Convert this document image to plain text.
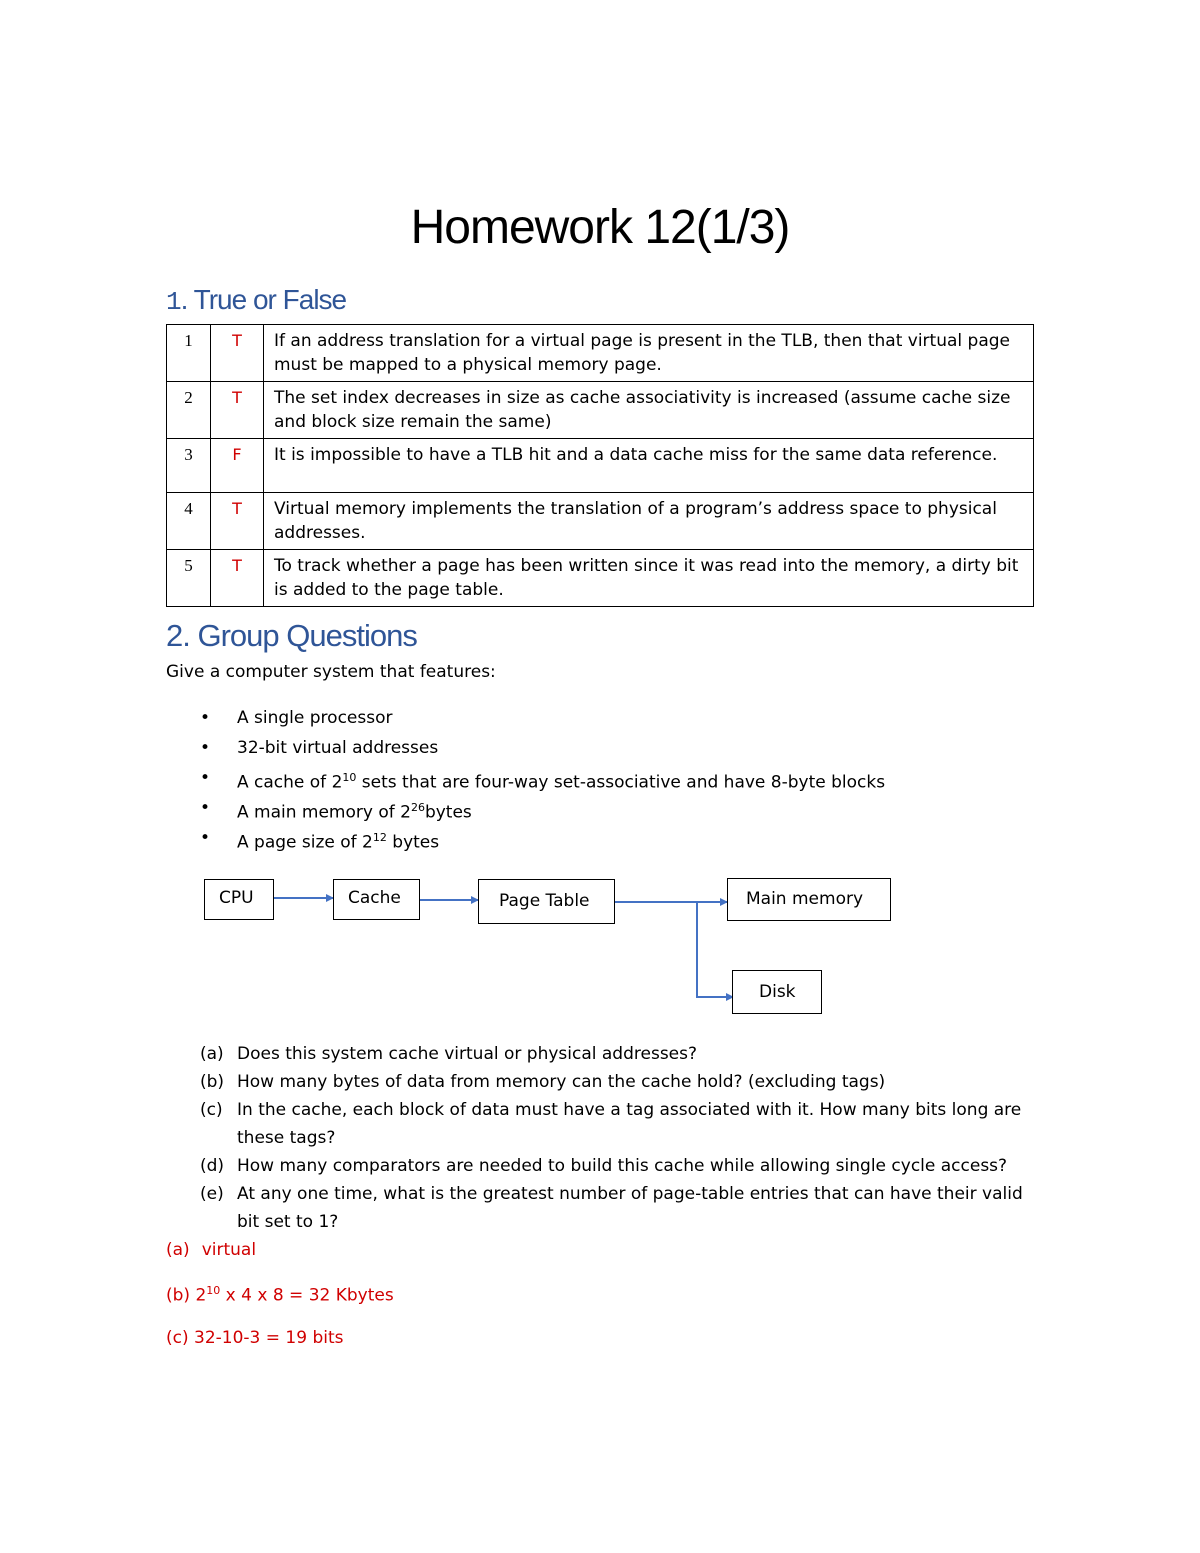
Homework 12(1/3)
1. True or False
1	T	If an address translation for a virtual page is present in the TLB, then that virtual page must be mapped to a physical memory page.
2	T	The set index decreases in size as cache associativity is increased (assume cache size and block size remain the same)
3	F	It is impossible to have a TLB hit and a data cache miss for the same data reference.
4	T	Virtual memory implements the translation of a program’s address space to physical addresses.
5	T	To track whether a page has been written since it was read into the memory, a dirty bit is added to the page table.
2. Group Questions
Give a computer system that features:
• A single processor
• 32-bit virtual addresses
• A cache of $2^{10}$ sets that are four-way set-associative and have 8-byte blocks
• A main memory of $2^{26}bytes$
• A page size of $2^{12}$ bytes
CPU	Cache	Page Table	Main memory
Disk
(a) Does this system cache virtual or physical addresses?
(b) How many bytes of data from memory can the cache hold? (excluding tags)
(c) In the cache, each block of data must have a tag associated with it. How many bits long are these tags?
(d) How many comparators are needed to build this cache while allowing single cycle access?
(e) At any one time, what is the greatest number of page-table entries that can have their valid bit set to 1?
(a) virtual
(b) $2^{10}$ x 4 x 8 = 32 Kbytes
(c) 32-10-3 = 19 bits
